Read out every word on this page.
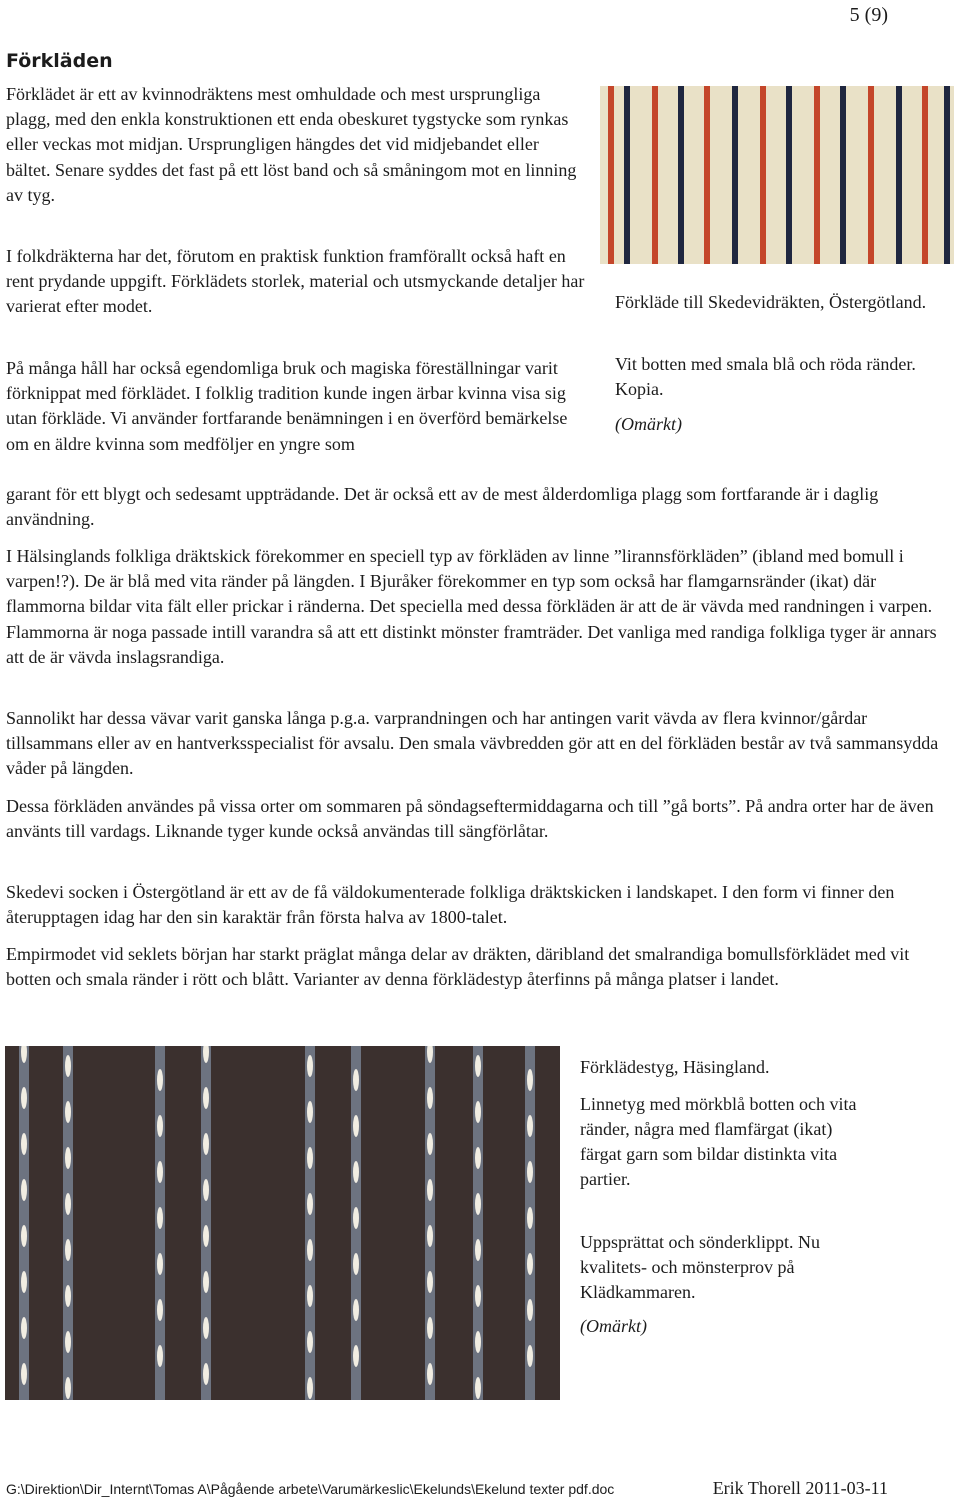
5 (9)
Förkläden

Förklädet är ett av kvinnodräktens mest omhuldade och mest ursprungliga plagg, med den enkla konstruktionen ett enda obeskuret tygstycke som rynkas eller veckas mot midjan. Ursprungligen hängdes det vid midjebandet eller bältet. Senare syddes det fast på ett löst band och så småningom mot en linning av tyg.

I folkdräkterna har det, förutom en praktisk funktion framförallt också haft en rent prydande uppgift. Förklädets storlek, material och utsmyckande detaljer har varierat efter modet.

På många håll har också egendomliga bruk och magiska föreställningar varit förknippat med förklädet. I folklig tradition kunde ingen ärbar kvinna visa sig utan förkläde. Vi använder fortfarande benämningen i en överförd bemärkelse om en äldre kvinna som medföljer en yngre som

garant för ett blygt och sedesamt uppträdande. Det är också ett av de mest ålderdomliga plagg som fortfarande är i daglig användning.

I Hälsinglands folkliga dräktskick förekommer en speciell typ av förkläden av linne ”lirannsförkläden” (ibland med bomull i varpen!?). De är blå med vita ränder på längden. I Bjuråker förekommer en typ som också har flamgarnsränder (ikat) där flammorna bildar vita fält eller prickar i ränderna. Det speciella med dessa förkläden är att de är vävda med randningen i varpen. Flammorna är noga passade intill varandra så att ett distinkt mönster framträder. Det vanliga med randiga folkliga tyger är annars att de är vävda inslagsrandiga.

Sannolikt har dessa vävar varit ganska långa p.g.a. varprandningen och har antingen varit vävda av flera kvinnor/gårdar tillsammans eller av en hantverksspecialist för avsalu. Den smala vävbredden gör att en del förkläden består av två sammansydda våder på längden.

Dessa förkläden användes på vissa orter om sommaren på söndagseftermiddagarna och till ”gå borts”. På andra orter har de även använts till vardags. Liknande tyger kunde också användas till sängförlåtar.

Skedevi socken i Östergötland är ett av de få väldokumenterade folkliga dräktskicken i landskapet. I den form vi finner den återupptagen idag har den sin karaktär från första halva av 1800-talet.

Empirmodet vid seklets början har starkt präglat många delar av dräkten, däribland det smalrandiga bomullsförklädet med vit botten och smala ränder i rött och blått. Varianter av denna förklädestyp återfinns på många platser i landet.

Förkläde till Skedevidräkten, Östergötland.

Vit botten med smala blå och röda ränder. Kopia.

(Omärkt)

Förklädestyg, Häsingland.

Linnetyg med mörkblå botten och vita ränder, några med flamfärgat (ikat) färgat garn som bildar distinkta vita partier.

Uppsprättat och sönderklippt. Nu kvalitets- och mönsterprov på Klädkammaren.

(Omärkt)

G:\Direktion\Dir_Internt\Tomas A\Pågående arbete\Varumärkeslic\Ekelunds\Ekelund texter pdf.doc	Erik Thorell 2011-03-11
